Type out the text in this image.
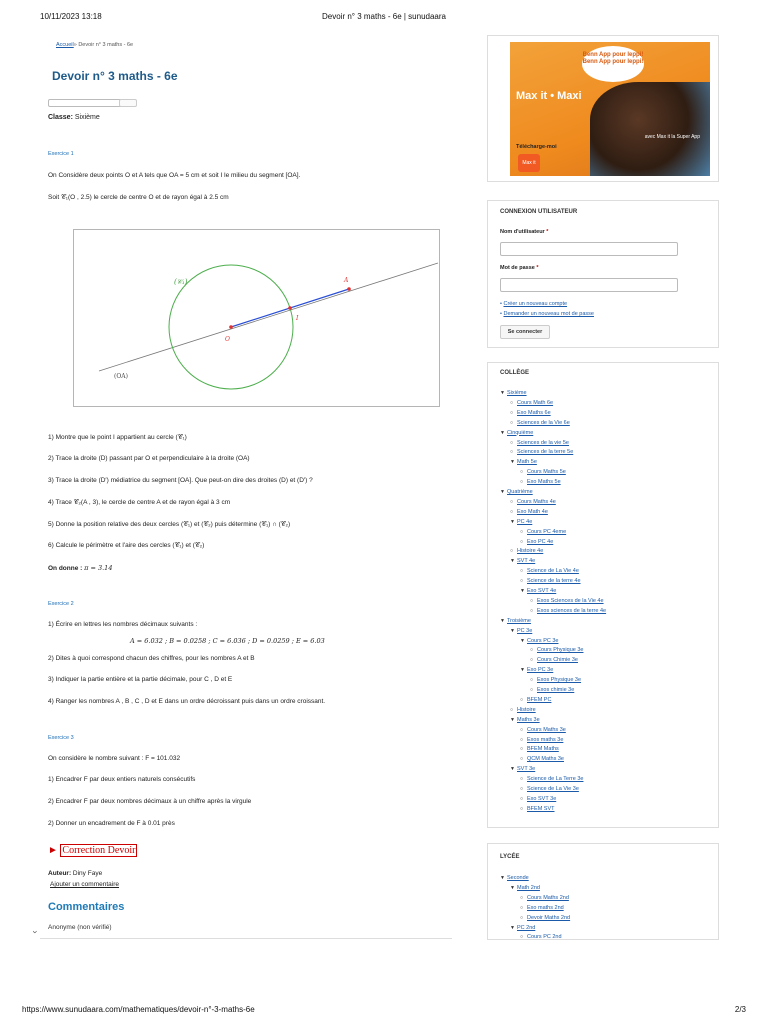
10/11/2023 13:18	Devoir n° 3 maths - 6e | sunudaara
https://www.sunudaara.com/mathematiques/devoir-n°-3-maths-6e	2/3
Accueil» Devoir n° 3 maths - 6e
Devoir n° 3 maths - 6e
Classe: Sixième
Exercice 1
On Considère deux points O et A tels que OA = 5 cm et soit I le milieu du segment [OA].
Soit 𝒞₁(O , 2.5) le cercle de centre O et de rayon égal à 2.5 cm
(𝒞₁)
(OA)
A
I
O
1) Montre que le point I appartient au cercle (𝒞₁)
2) Trace la droite (D) passant par O et perpendiculaire à la droite (OA)
3) Trace la droite (D′) médiatrice du segment [OA]. Que peut-on dire des droites (D) et (D′) ?
4) Trace 𝒞₂(A , 3), le cercle de centre A et de rayon égal à 3 cm
5) Donne la position relative des deux cercles (𝒞₁) et (𝒞₂) puis détermine (𝒞₁) ∩ (𝒞₂)
6) Calcule le périmètre et l'aire des cercles (𝒞₁) et (𝒞₂)
On donne : π = 3.14
Exercice 2
1) Écrire en lettres les nombres décimaux suivants :
A = 6.032 ; B = 0.0258 ; C = 6.036 ; D = 0.0259 ; E = 6.03
2) Dites à quoi correspond chacun des chiffres, pour les nombres A et B
3) Indiquer la partie entière et la partie décimale, pour C , D et E
4) Ranger les nombres A , B , C , D et E dans un ordre décroissant puis dans un ordre croissant.
Exercice 3
On considère le nombre suivant : F = 101.032
1) Encadrer F par deux entiers naturels consécutifs
2) Encadrer F par deux nombres décimaux à un chiffre après la virgule
2) Donner un encadrement de F à 0.01 près
► Correction Devoir
Auteur: Diny Faye
Ajouter un commentaire
Commentaires
›
Anonyme (non vérifié)
Benn App pour leppi! Benn App pour leppi!
Max it • Maxi
Télécharge-moi
Max it
avec Max it la Super App
CONNEXION UTILISATEUR
Nom d'utilisateur *
Mot de passe *
• Créer un nouveau compte
• Demander un nouveau mot de passe
Se connecter
COLLÈGE
▼ Sixième
○ Cours Math 6e
○ Exo Maths 6e
○ Sciences de la Vie 6e
▼ Cinquième
○ Sciences de la vie 5e
○ Sciences de la terre 5e
▼ Math 5e
○ Cours Maths 5e
○ Exo Maths 5e
▼ Quatrième
○ Cours Maths 4e
○ Exo Math 4e
▼ PC 4e
○ Cours PC 4eme
○ Exo PC 4e
○ Histoire 4e
▼ SVT 4e
○ Science de La Vie 4e
○ Science de la terre 4e
▼ Exo SVT 4e
○ Exos Sciences de la Vie 4e
○ Exos sciences de la terre 4e
▼ Troisième
▼ PC 3e
▼ Cours PC 3e
○ Cours Physique 3e
○ Cours Chimie 3e
▼ Exo PC 3e
○ Exos Physique 3e
○ Exos chimie 3e
○ BFEM PC
○ Histoire
▼ Maths 3e
○ Cours Maths 3e
○ Exos maths 3e
○ BFEM Maths
○ QCM Maths 3e
▼ SVT 3e
○ Science de La Terre 3e
○ Science de La Vie 3e
○ Exo SVT 3e
○ BFEM SVT
LYCÉE
▼ Seconde
▼ Math 2nd
○ Cours Maths 2nd
○ Exo maths 2nd
○ Devoir Maths 2nd
▼ PC 2nd
○ Cours PC 2nd
